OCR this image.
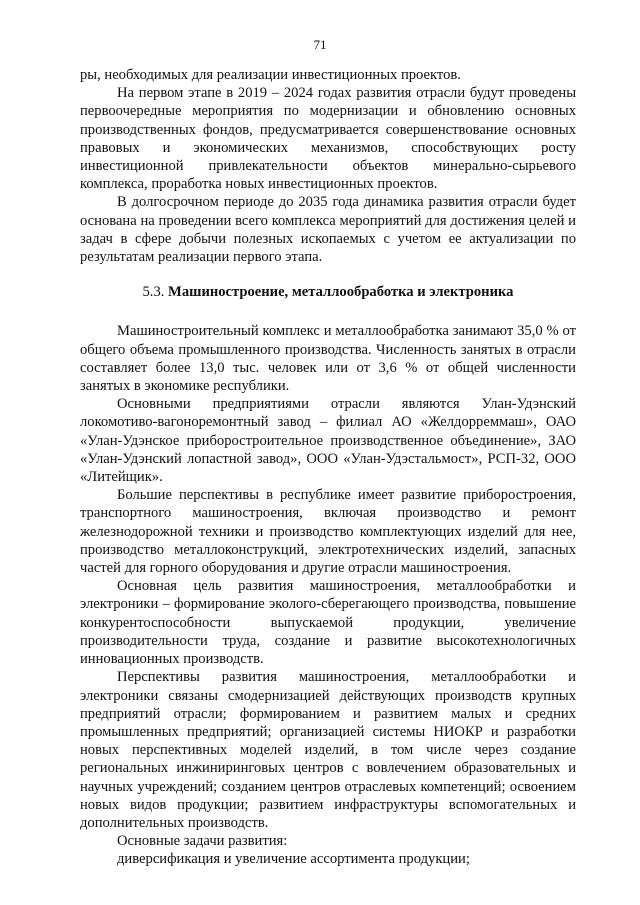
71

ры, необходимых для реализации инвестиционных проектов.

На первом этапе в 2019 – 2024 годах развития отрасли будут проведены первоочередные мероприятия по модернизации и обновлению основных производственных фондов, предусматривается совершенствование основных правовых и экономических механизмов, способствующих росту инвестиционной привлекательности объектов минерально-сырьевого комплекса, проработка новых инвестиционных проектов.

В долгосрочном периоде до 2035 года динамика развития отрасли будет основана на проведении всего комплекса мероприятий для достижения целей и задач в сфере добычи полезных ископаемых с учетом ее актуализации по результатам реализации первого этапа.

5.3. Машиностроение, металлообработка и электроника

Машиностроительный комплекс и металлообработка занимают 35,0 % от общего объема промышленного производства. Численность занятых в отрасли составляет более 13,0 тыс. человек или от 3,6 % от общей численности занятых в экономике республики.

Основными предприятиями отрасли являются Улан-Удэнский локомотиво-вагоноремонтный завод – филиал АО «Желдорреммаш», ОАО «Улан-Удэнское приборостроительное производственное объединение», ЗАО «Улан-Удэнский лопастной завод», ООО «Улан-Удэстальмост», РСП-32, ООО «Литейщик».

Большие перспективы в республике имеет развитие приборостроения, транспортного машиностроения, включая производство и ремонт железнодорожной техники и производство комплектующих изделий для нее, производство металлоконструкций, электротехнических изделий, запасных частей для горного оборудования и другие отрасли машиностроения.

Основная цель развития машиностроения, металлообработки и электроники – формирование эколого-сберегающего производства, повышение конкурентоспособности выпускаемой продукции, увеличение производительности труда, создание и развитие высокотехнологичных инновационных производств.

Перспективы развития машиностроения, металлообработки и электроники связаны смодернизацией действующих производств крупных предприятий отрасли; формированием и развитием малых и средних промышленных предприятий; организацией системы НИОКР и разработки новых перспективных моделей изделий, в том числе через создание региональных инжиниринговых центров с вовлечением образовательных и научных учреждений; созданием центров отраслевых компетенций; освоением новых видов продукции; развитием инфраструктуры вспомогательных и дополнительных производств.

Основные задачи развития:

диверсификация и увеличение ассортимента продукции;
